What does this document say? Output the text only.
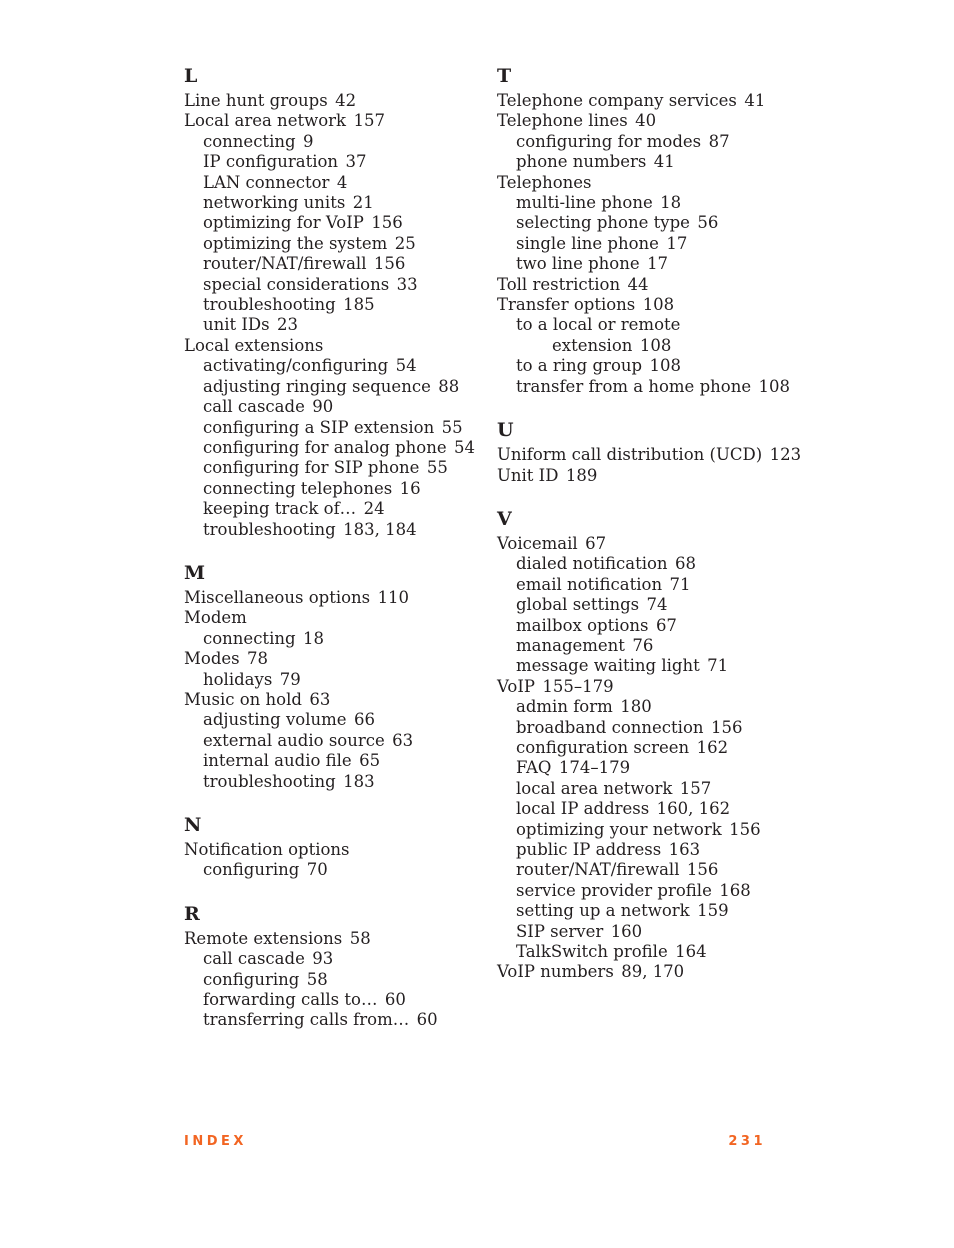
L
Line hunt groups 42
Local area network 157
connecting 9
IP configuration 37
LAN connector 4
networking units 21
optimizing for VoIP 156
optimizing the system 25
router/NAT/firewall 156
special considerations 33
troubleshooting 185
unit IDs 23
Local extensions
activating/configuring 54
adjusting ringing sequence 88
call cascade 90
configuring a SIP extension 55
configuring for analog phone 54
configuring for SIP phone 55
connecting telephones 16
keeping track of… 24
troubleshooting 183, 184
M
Miscellaneous options 110
Modem
connecting 18
Modes 78
holidays 79
Music on hold 63
adjusting volume 66
external audio source 63
internal audio file 65
troubleshooting 183
N
Notification options
configuring 70
R
Remote extensions 58
call cascade 93
configuring 58
forwarding calls to… 60
transferring calls from… 60
T
Telephone company services 41
Telephone lines 40
configuring for modes 87
phone numbers 41
Telephones
multi-line phone 18
selecting phone type 56
single line phone 17
two line phone 17
Toll restriction 44
Transfer options 108
to a local or remote
extension 108
to a ring group 108
transfer from a home phone 108
U
Uniform call distribution (UCD) 123
Unit ID 189
V
Voicemail 67
dialed notification 68
email notification 71
global settings 74
mailbox options 67
management 76
message waiting light 71
VoIP 155–179
admin form 180
broadband connection 156
configuration screen 162
FAQ 174–179
local area network 157
local IP address 160, 162
optimizing your network 156
public IP address 163
router/NAT/firewall 156
service provider profile 168
setting up a network 159
SIP server 160
TalkSwitch profile 164
VoIP numbers 89, 170
INDEX	231
